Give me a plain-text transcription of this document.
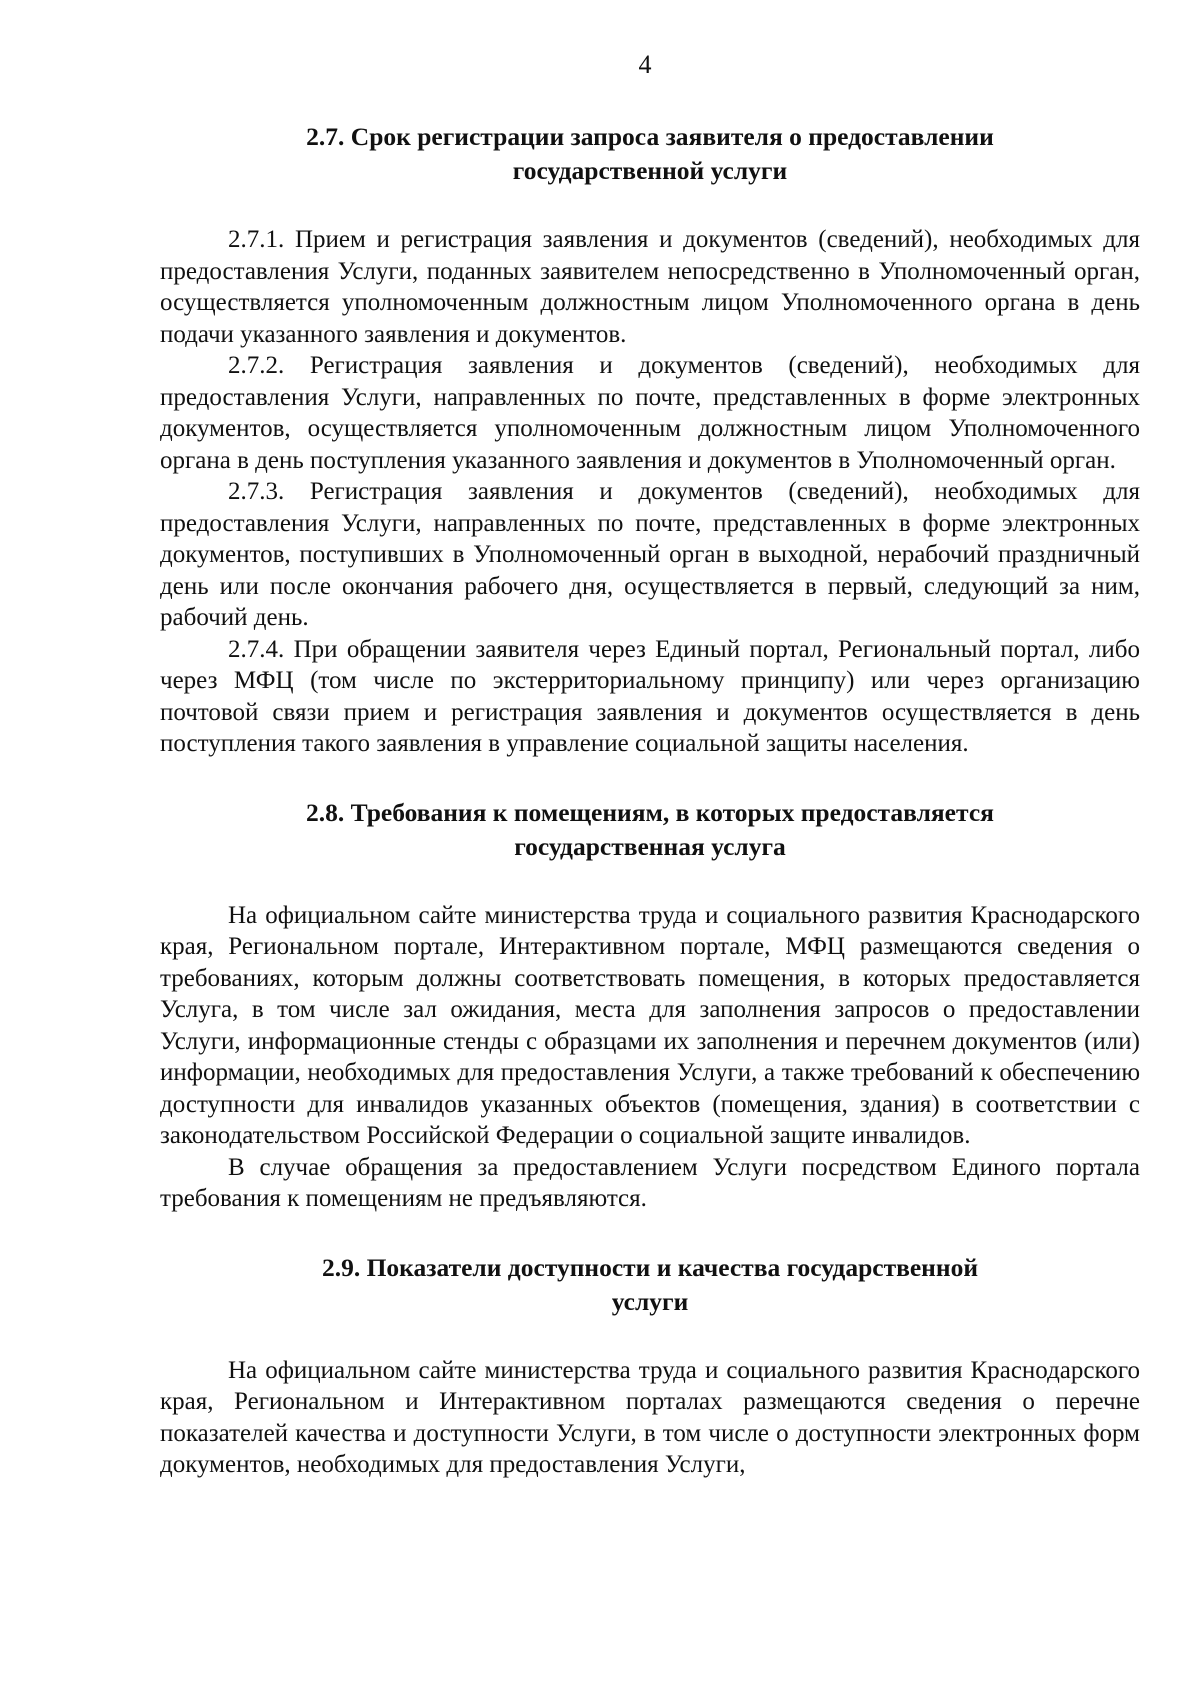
4
2.7. Срок регистрации запроса заявителя о предоставлении
государственной услуги

2.7.1. Прием и регистрация заявления и документов (сведений), необходимых для предоставления Услуги, поданных заявителем непосредственно в Уполномоченный орган, осуществляется уполномоченным должностным лицом Уполномоченного органа в день подачи указанного заявления и документов.

2.7.2. Регистрация заявления и документов (сведений), необходимых для предоставления Услуги, направленных по почте, представленных в форме электронных документов, осуществляется уполномоченным должностным лицом Уполномоченного органа в день поступления указанного заявления и документов в Уполномоченный орган.

2.7.3. Регистрация заявления и документов (сведений), необходимых для предоставления Услуги, направленных по почте, представленных в форме электронных документов, поступивших в Уполномоченный орган в выходной, нерабочий праздничный день или после окончания рабочего дня, осуществляется в первый, следующий за ним, рабочий день.

2.7.4. При обращении заявителя через Единый портал, Региональный портал, либо через МФЦ (том числе по экстерриториальному принципу) или через организацию почтовой связи прием и регистрация заявления и документов осуществляется в день поступления такого заявления в управление социальной защиты населения.

2.8. Требования к помещениям, в которых предоставляется
государственная услуга

На официальном сайте министерства труда и социального развития Краснодарского края, Региональном портале, Интерактивном портале, МФЦ размещаются сведения о требованиях, которым должны соответствовать помещения, в которых предоставляется Услуга, в том числе зал ожидания, места для заполнения запросов о предоставлении Услуги, информационные стенды с образцами их заполнения и перечнем документов (или) информации, необходимых для предоставления Услуги, а также требований к обеспечению доступности для инвалидов указанных объектов (помещения, здания) в соответствии с законодательством Российской Федерации о социальной защите инвалидов.

В случае обращения за предоставлением Услуги посредством Единого портала требования к помещениям не предъявляются.

2.9. Показатели доступности и качества государственной
услуги

На официальном сайте министерства труда и социального развития Краснодарского края, Региональном и Интерактивном порталах размещаются сведения о перечне показателей качества и доступности Услуги, в том числе о доступности электронных форм документов, необходимых для предоставления Услуги,
